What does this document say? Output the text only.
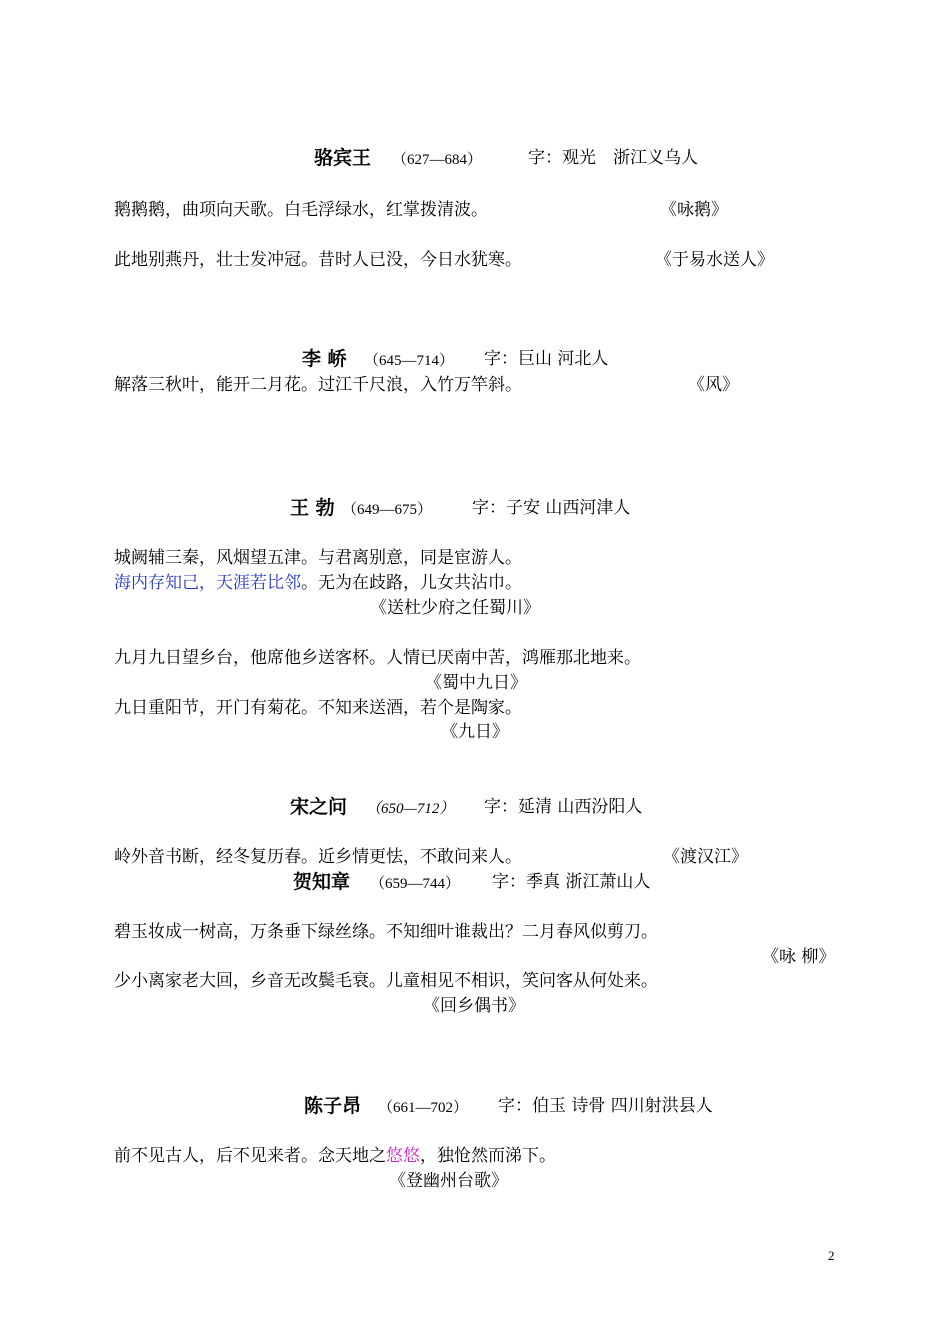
骆宾王 （627—684）	字：观光　浙江义乌人
鹅鹅鹅，曲项向天歌。白毛浮绿水，红掌拨清波。	《咏鹅》
此地别燕丹，壮士发冲冠。昔时人已没，今日水犹寒。	《于易水送人》
李 峤 （645—714） 字：巨山 河北人
解落三秋叶，能开二月花。过江千尺浪，入竹万竿斜。	《风》
王 勃 （649—675） 字：子安 山西河津人
城阙辅三秦，风烟望五津。与君离别意，同是宦游人。
海内存知己，天涯若比邻。无为在歧路，儿女共沾巾。
《送杜少府之任蜀川》
九月九日望乡台，他席他乡送客杯。人情已厌南中苦，鸿雁那北地来。
《蜀中九日》
九日重阳节，开门有菊花。不知来送酒，若个是陶家。
《九日》
宋之问 （650—712） 字：延清 山西汾阳人
岭外音书断，经冬复历春。近乡情更怯，不敢问来人。	《渡汉江》
贺知章 （659—744） 字：季真 浙江萧山人
碧玉妆成一树高，万条垂下绿丝绦。不知细叶谁裁出？二月春风似剪刀。
《咏 柳》
少小离家老大回，乡音无改鬓毛衰。儿童相见不相识，笑问客从何处来。
《回乡偶书》
陈子昂 （661—702） 字：伯玉 诗骨 四川射洪县人
前不见古人，后不见来者。念天地之悠悠，独怆然而涕下。
《登幽州台歌》
2
